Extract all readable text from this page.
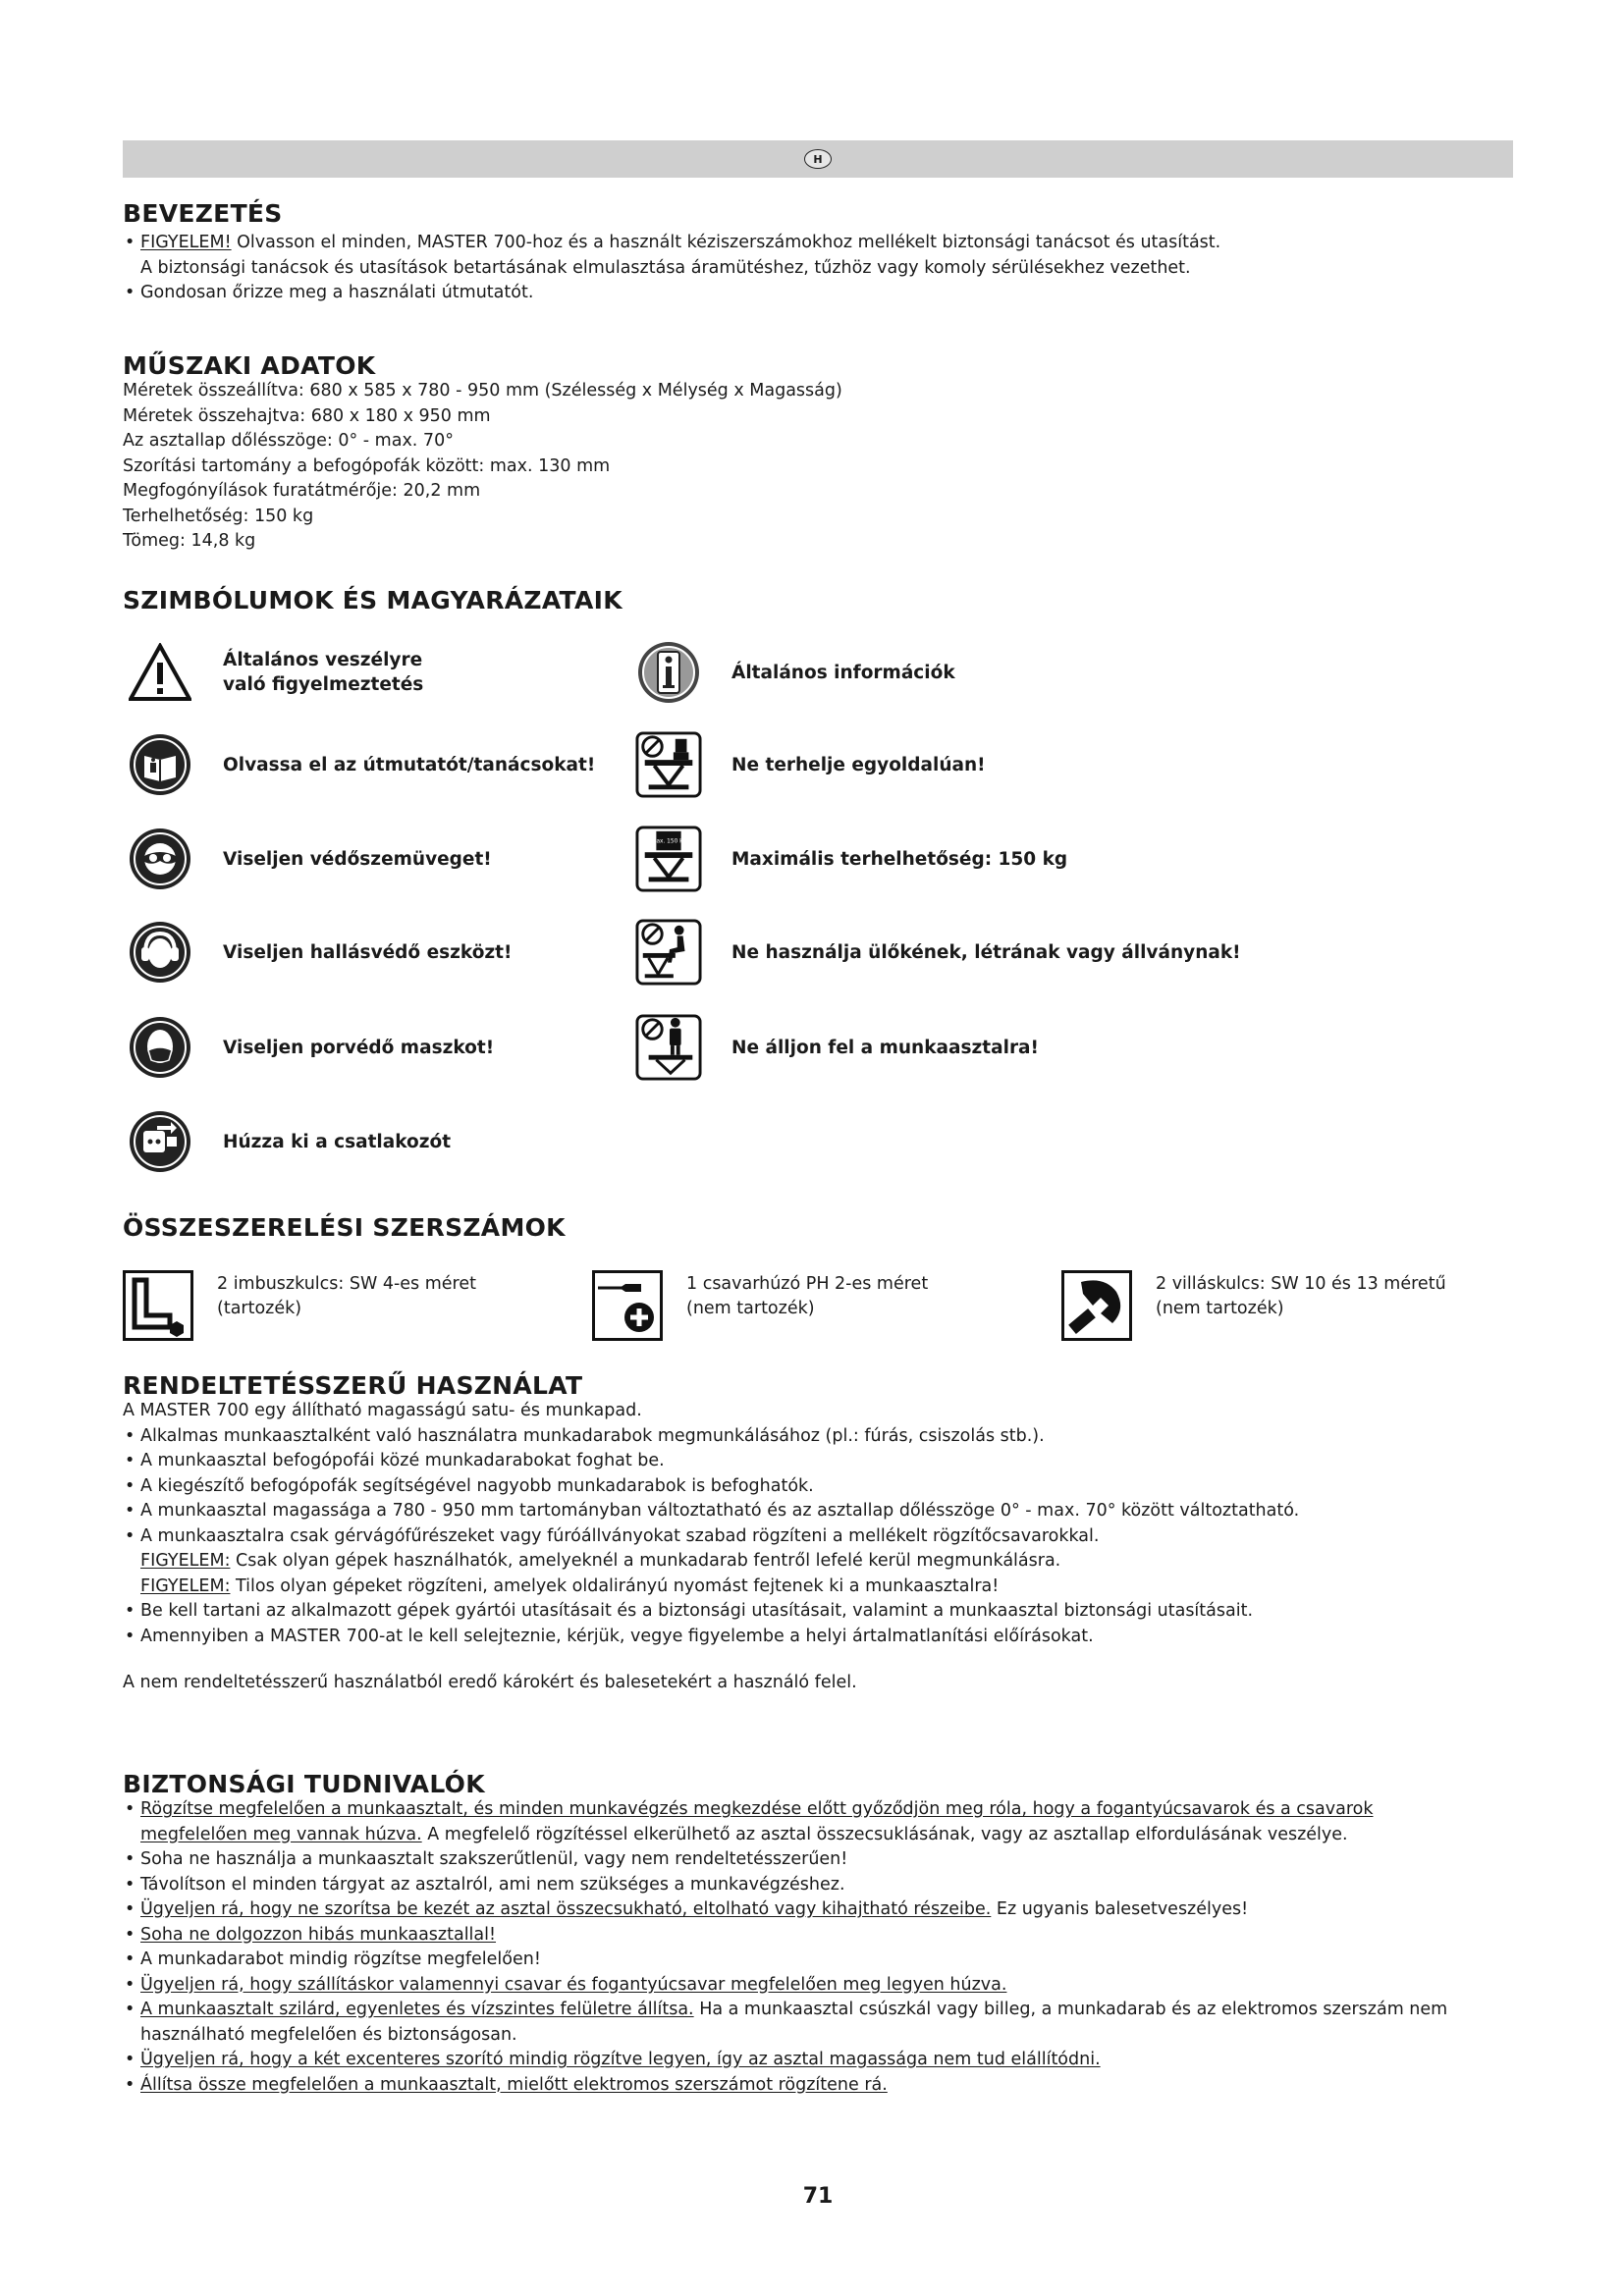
H
BEVEZETÉS
• FIGYELEM! Olvasson el minden, MASTER 700-hoz és a használt kéziszerszámokhoz mellékelt biztonsági tanácsot és utasítást.
A biztonsági tanácsok és utasítások betartásának elmulasztása áramütéshez, tűzhöz vagy komoly sérülésekhez vezethet.
• Gondosan őrizze meg a használati útmutatót.
MŰSZAKI ADATOK
Méretek összeállítva: 680 x 585 x 780 - 950 mm (Szélesség x Mélység x Magasság)
Méretek összehajtva: 680 x 180 x 950 mm
Az asztallap dőlésszöge: 0° - max. 70°
Szorítási tartomány a befogópofák között: max. 130 mm
Megfogónyílások furatátmérője: 20,2 mm
Terhelhetőség: 150 kg
Tömeg: 14,8 kg
SZIMBÓLUMOK ÉS MAGYARÁZATAIK
Általános veszélyre
való figyelmeztetés
Olvassa el az útmutatót/tanácsokat!
Viseljen védőszemüveget!
Viseljen hallásvédő eszközt!
Viseljen porvédő maszkot!
Húzza ki a csatlakozót
Általános információk
Ne terhelje egyoldalúan!
max. 150 kg
Maximális terhelhetőség: 150 kg
Ne használja ülőkének, létrának vagy állványnak!
Ne álljon fel a munkaasztalra!
ÖSSZESZERELÉSI SZERSZÁMOK
2 imbuszkulcs: SW 4-es méret
(tartozék)
1 csavarhúzó PH 2-es méret
(nem tartozék)
2 villáskulcs: SW 10 és 13 méretű
(nem tartozék)
RENDELTETÉSSZERŰ HASZNÁLAT
A MASTER 700 egy állítható magasságú satu- és munkapad.
• Alkalmas munkaasztalként való használatra munkadarabok megmunkálásához (pl.: fúrás, csiszolás stb.).
• A munkaasztal befogópofái közé munkadarabokat foghat be.
• A kiegészítő befogópofák segítségével nagyobb munkadarabok is befoghatók.
• A munkaasztal magassága a 780 - 950 mm tartományban változtatható és az asztallap dőlésszöge 0° - max. 70° között változtatható.
• A munkaasztalra csak gérvágófűrészeket vagy fúróállványokat szabad rögzíteni a mellékelt rögzítőcsavarokkal.
FIGYELEM: Csak olyan gépek használhatók, amelyeknél a munkadarab fentről lefelé kerül megmunkálásra.
FIGYELEM: Tilos olyan gépeket rögzíteni, amelyek oldalirányú nyomást fejtenek ki a munkaasztalra!
• Be kell tartani az alkalmazott gépek gyártói utasításait és a biztonsági utasításait, valamint a munkaasztal biztonsági utasításait.
• Amennyiben a MASTER 700-at le kell selejteznie, kérjük, vegye figyelembe a helyi ártalmatlanítási előírásokat.
A nem rendeltetésszerű használatból eredő károkért és balesetekért a használó felel.
BIZTONSÁGI TUDNIVALÓK
• Rögzítse megfelelően a munkaasztalt, és minden munkavégzés megkezdése előtt győződjön meg róla, hogy a fogantyúcsavarok és a csavarok
megfelelően meg vannak húzva. A megfelelő rögzítéssel elkerülhető az asztal összecsuklásának, vagy az asztallap elfordulásának veszélye.
• Soha ne használja a munkaasztalt szakszerűtlenül, vagy nem rendeltetésszerűen!
• Távolítson el minden tárgyat az asztalról, ami nem szükséges a munkavégzéshez.
• Ügyeljen rá, hogy ne szorítsa be kezét az asztal összecsukható, eltolható vagy kihajtható részeibe. Ez ugyanis balesetveszélyes!
• Soha ne dolgozzon hibás munkaasztallal!
• A munkadarabot mindig rögzítse megfelelően!
• Ügyeljen rá, hogy szállításkor valamennyi csavar és fogantyúcsavar megfelelően meg legyen húzva.
• A munkaasztalt szilárd, egyenletes és vízszintes felületre állítsa. Ha a munkaasztal csúszkál vagy billeg, a munkadarab és az elektromos szerszám nem
használható megfelelően és biztonságosan.
• Ügyeljen rá, hogy a két excenteres szorító mindig rögzítve legyen, így az asztal magassága nem tud elállítódni.
• Állítsa össze megfelelően a munkaasztalt, mielőtt elektromos szerszámot rögzítene rá.
71
